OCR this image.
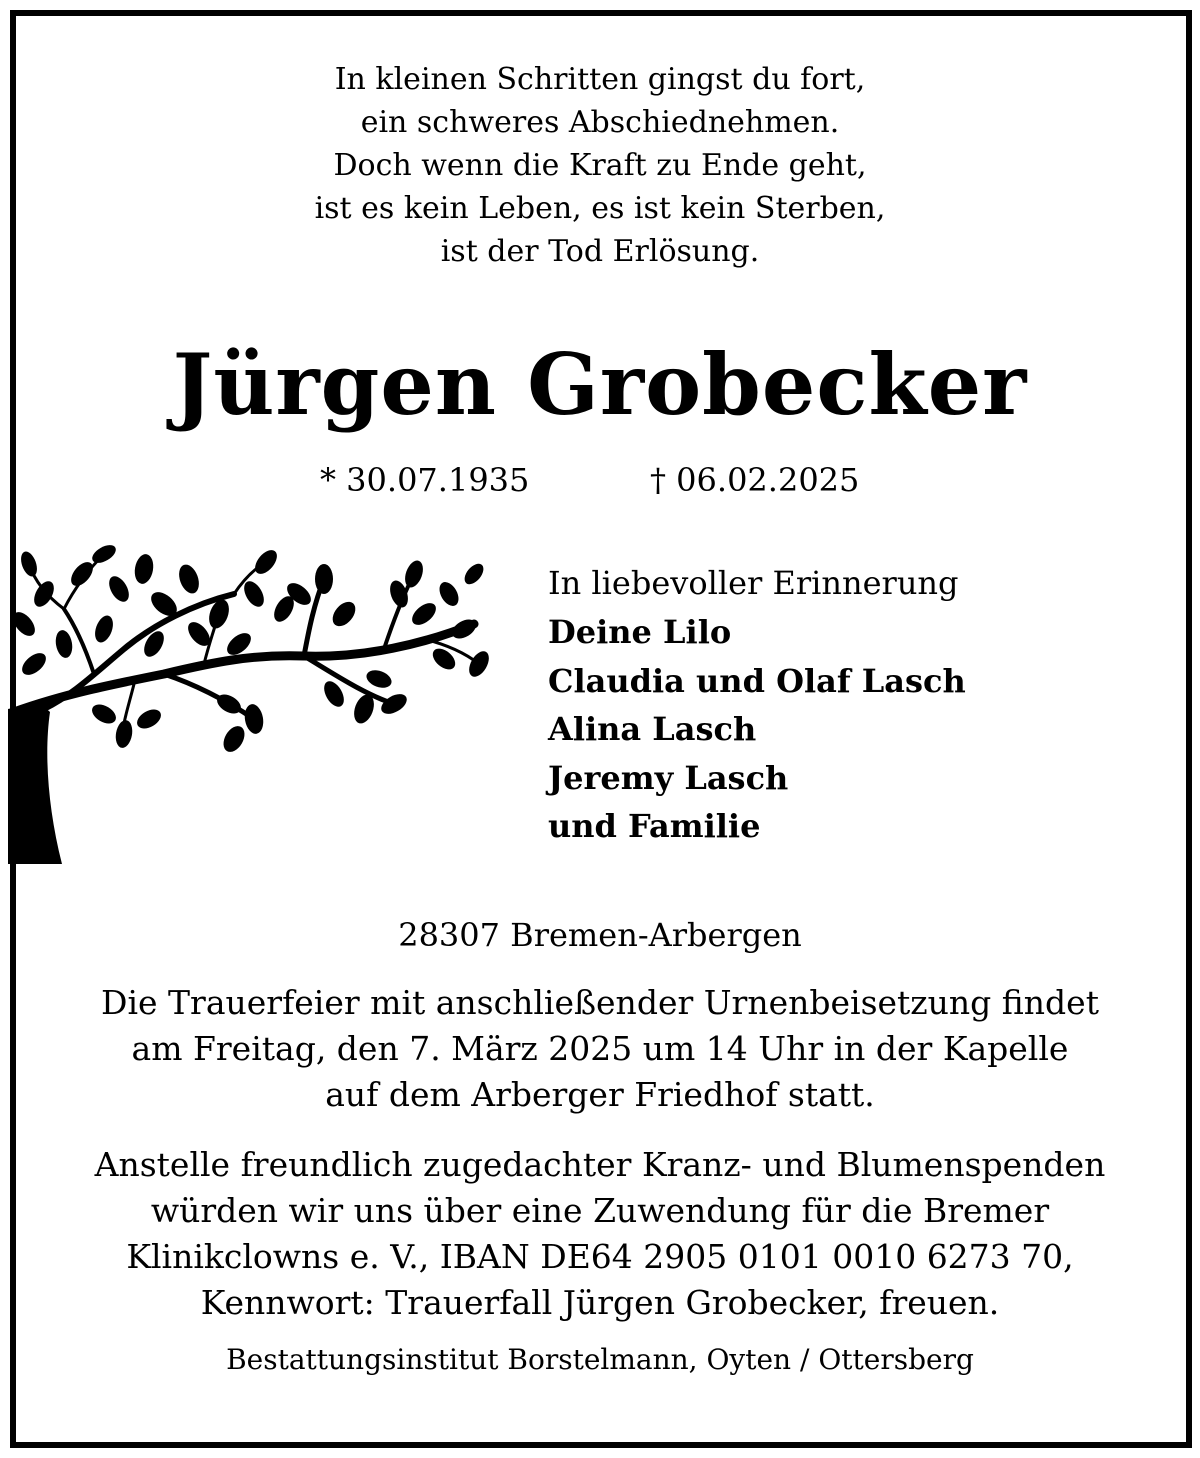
In kleinen Schritten gingst du fort,
ein schweres Abschiednehmen.
Doch wenn die Kraft zu Ende geht,
ist es kein Leben, es ist kein Sterben,
ist der Tod Erlösung.
Jürgen Grobecker
* 30.07.1935	† 06.02.2025
In liebevoller Erinnerung
Deine Lilo
Claudia und Olaf Lasch
Alina Lasch
Jeremy Lasch
und Familie
28307 Bremen-Arbergen
Die Trauerfeier mit anschließender Urnenbeisetzung findet
am Freitag, den 7. März 2025 um 14 Uhr in der Kapelle
auf dem Arberger Friedhof statt.
Anstelle freundlich zugedachter Kranz- und Blumenspenden
würden wir uns über eine Zuwendung für die Bremer
Klinikclowns e. V., IBAN DE64 2905 0101 0010 6273 70,
Kennwort: Trauerfall Jürgen Grobecker, freuen.
Bestattungsinstitut Borstelmann, Oyten / Ottersberg
